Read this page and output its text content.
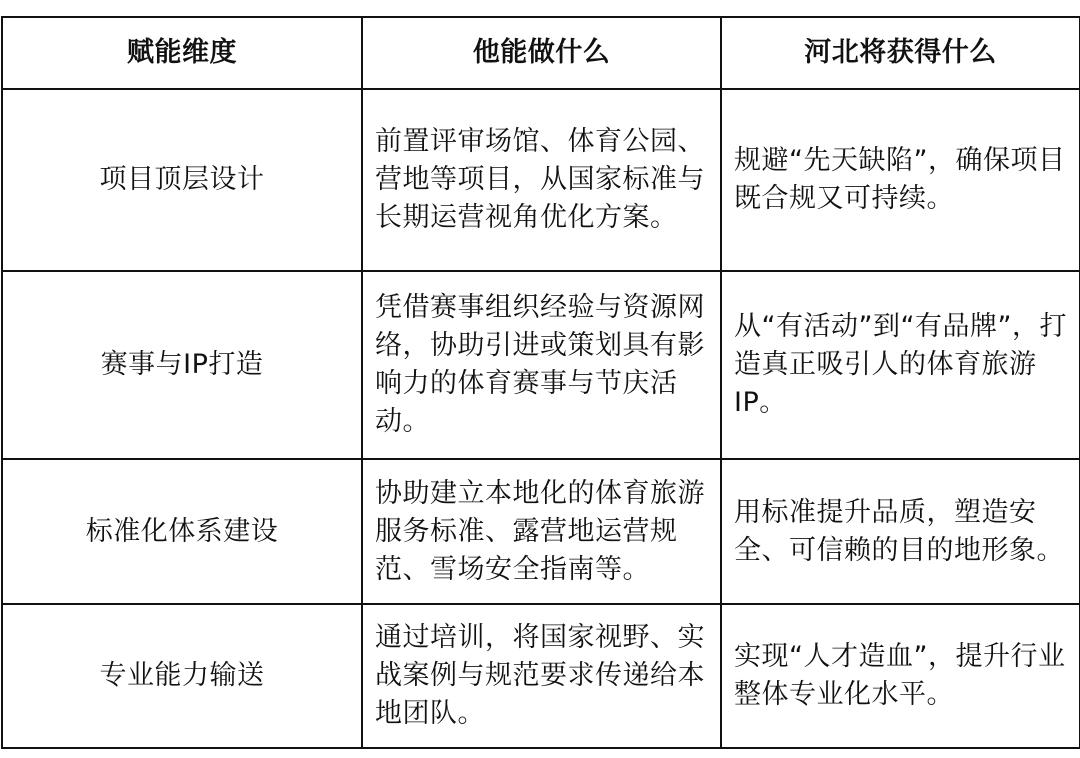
赋能维度	他能做什么	河北将获得什么
项目顶层设计	前置评审场馆、体育公园、营地等项目，从国家标准与长期运营视角优化方案。	规避“先天缺陷”，确保项目既合规又可持续。
赛事与IP打造	凭借赛事组织经验与资源网络，协助引进或策划具有影响力的体育赛事与节庆活动。	从“有活动”到“有品牌”，打造真正吸引人的体育旅游IP。
标准化体系建设	协助建立本地化的体育旅游服务标准、露营地运营规范、雪场安全指南等。	用标准提升品质，塑造安全、可信赖的目的地形象。
专业能力输送	通过培训，将国家视野、实战案例与规范要求传递给本地团队。	实现“人才造血”，提升行业整体专业化水平。
